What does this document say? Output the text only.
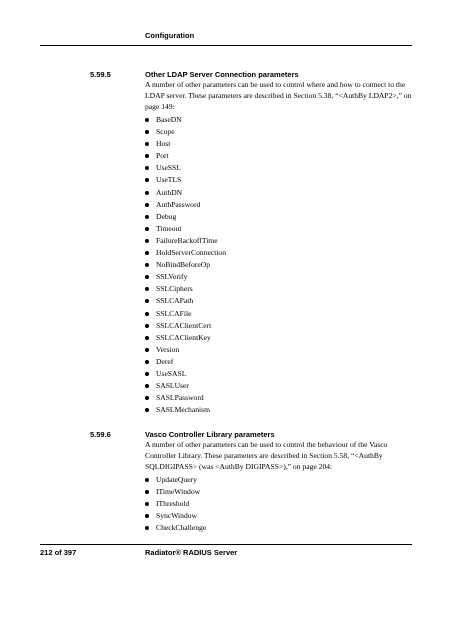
Configuration
5.59.5	Other LDAP Server Connection parameters

A number of other parameters can be used to control where and how to connect to the LDAP server. These parameters are described in Section 5.38, “<AuthBy LDAP2>,” on page 149:

BaseDN
Scope
Host
Port
UseSSL
UseTLS
AuthDN
AuthPassword
Debug
Timeout
FailureBackoffTime
HoldServerConnection
NoBindBeforeOp
SSLVerify
SSLCiphers
SSLCAPath
SSLCAFile
SSLCAClientCert
SSLCAClientKey
Version
Deref
UseSASL
SASLUser
SASLPassword
SASLMechanism
5.59.6	Vasco Controller Library parameters

A number of other parameters can be used to control the behaviour of the Vasco Controller Library. These parameters are described in Section 5.58, “<AuthBy SQLDIGIPASS> (was <AuthBy DIGIPASS>),” on page 204:

UpdateQuery
ITimeWindow
IThreshold
SyncWindow
CheckChallenge
212 of 397	Radiator® RADIUS Server
